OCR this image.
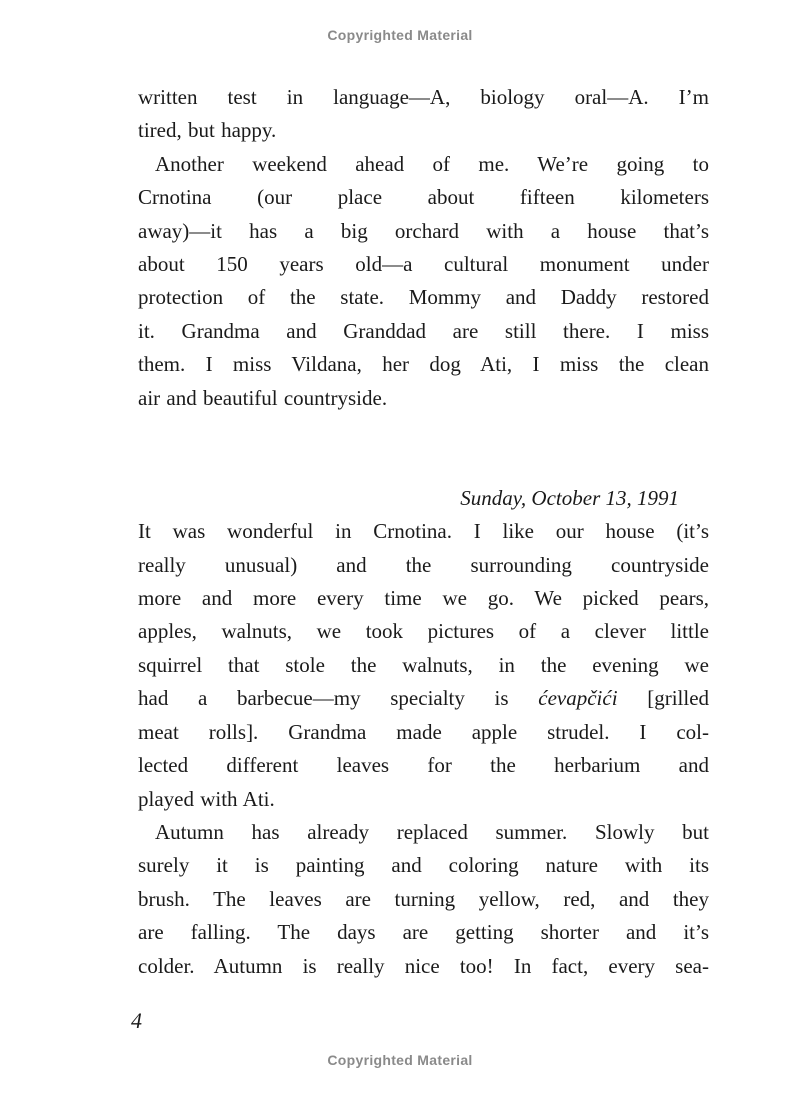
Copyrighted Material
written test in language—A, biology oral—A. I’m
tired, but happy.
Another weekend ahead of me. We’re going to
Crnotina (our place about fifteen kilometers
away)—it has a big orchard with a house that’s
about 150 years old—a cultural monument under
protection of the state. Mommy and Daddy restored
it. Grandma and Granddad are still there. I miss
them. I miss Vildana, her dog Ati, I miss the clean
air and beautiful countryside.
Sunday, October 13, 1991
It was wonderful in Crnotina. I like our house (it’s
really unusual) and the surrounding countryside
more and more every time we go. We picked pears,
apples, walnuts, we took pictures of a clever little
squirrel that stole the walnuts, in the evening we
had a barbecue—my specialty is ćevapčići [grilled
meat rolls]. Grandma made apple strudel. I col-
lected different leaves for the herbarium and
played with Ati.
Autumn has already replaced summer. Slowly but
surely it is painting and coloring nature with its
brush. The leaves are turning yellow, red, and they
are falling. The days are getting shorter and it’s
colder. Autumn is really nice too! In fact, every sea-
4
Copyrighted Material
